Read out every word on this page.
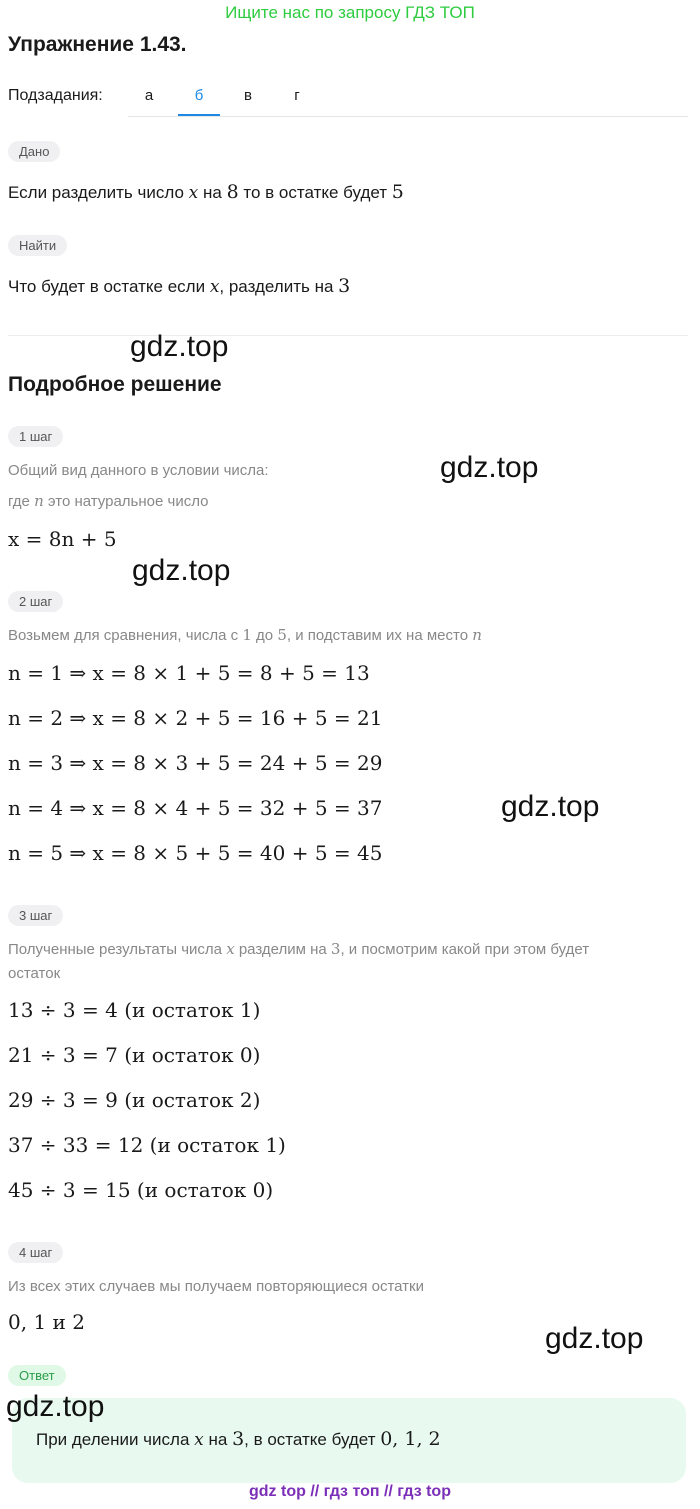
Ищите нас по запросу ГДЗ ТОП
Упражнение 1.43.
Подзадания:	а	б	в	г
Дано
Если разделить число x на 8 то в остатке будет 5
Найти
Что будет в остатке если x, разделить на 3
gdz.top
gdz.top
gdz.top
gdz.top
gdz.top
gdz.top
Подробное решение
1 шаг
Общий вид данного в условии числа:
где n это натуральное число
x = 8n + 5
2 шаг
Возьмем для сравнения, числа с 1 до 5, и подставим их на место n
n = 1 ⇒ x = 8 × 1 + 5 = 8 + 5 = 13
n = 2 ⇒ x = 8 × 2 + 5 = 16 + 5 = 21
n = 3 ⇒ x = 8 × 3 + 5 = 24 + 5 = 29
n = 4 ⇒ x = 8 × 4 + 5 = 32 + 5 = 37
n = 5 ⇒ x = 8 × 5 + 5 = 40 + 5 = 45
3 шаг
Полученные результаты числа x разделим на 3, и посмотрим какой при этом будет
остаток
13 ÷ 3 = 4 (и остаток 1)
21 ÷ 3 = 7 (и остаток 0)
29 ÷ 3 = 9 (и остаток 2)
37 ÷ 33 = 12 (и остаток 1)
45 ÷ 3 = 15 (и остаток 0)
4 шаг
Из всех этих случаев мы получаем повторяющиеся остатки
0, 1 и 2
Ответ
При делении числа x на 3, в остатке будет 0, 1, 2
gdz top // гдз топ // гдз top
